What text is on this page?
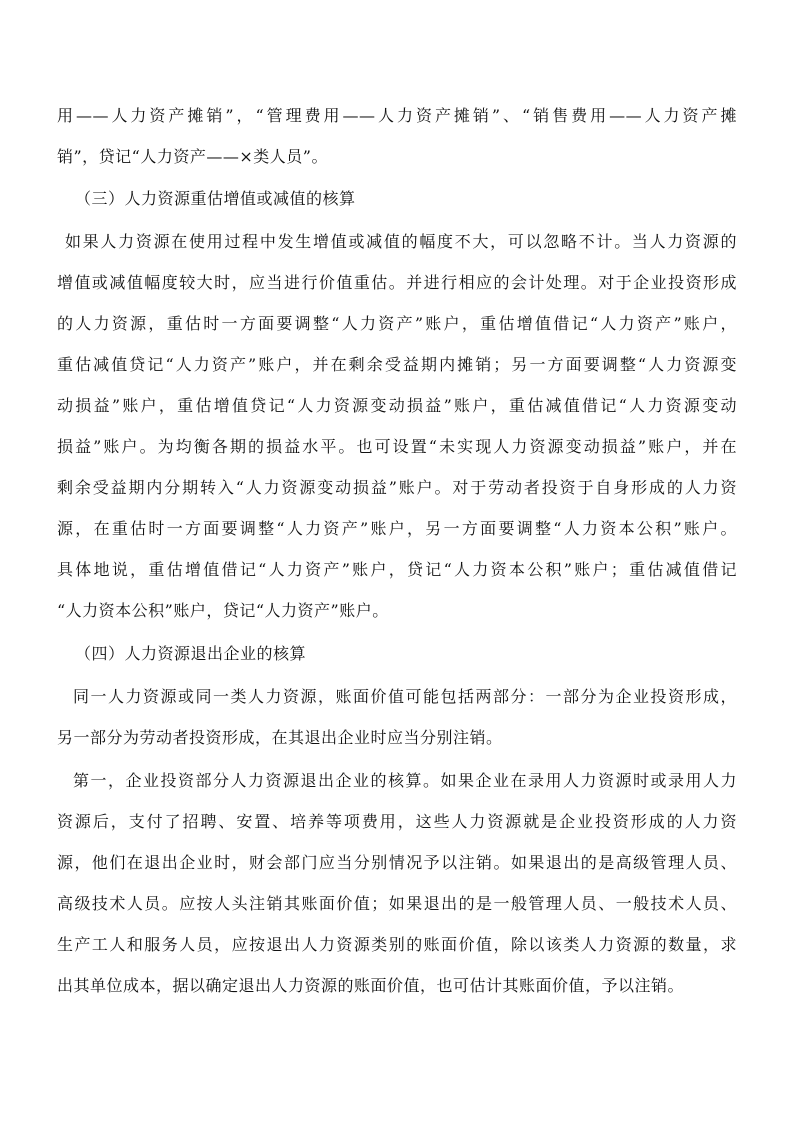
用——人力资产摊销”，“管理费用——人力资产摊销”、“销售费用——人力资产摊
销”，贷记“人力资产——×类人员”。
（三）人力资源重估增值或减值的核算
如果人力资源在使用过程中发生增值或减值的幅度不大，可以忽略不计。当人力资源的
增值或减值幅度较大时，应当进行价值重估。并进行相应的会计处理。对于企业投资形成
的人力资源，重估时一方面要调整“人力资产”账户，重估增值借记“人力资产”账户，
重估减值贷记“人力资产”账户，并在剩余受益期内摊销；另一方面要调整“人力资源变
动损益”账户，重估增值贷记“人力资源变动损益”账户，重估减值借记“人力资源变动
损益”账户。为均衡各期的损益水平。也可设置“未实现人力资源变动损益”账户，并在
剩余受益期内分期转入“人力资源变动损益”账户。对于劳动者投资于自身形成的人力资
源，在重估时一方面要调整“人力资产”账户，另一方面要调整“人力资本公积”账户。
具体地说，重估增值借记“人力资产”账户，贷记“人力资本公积”账户；重估减值借记
“人力资本公积”账户，贷记“人力资产”账户。
（四）人力资源退出企业的核算
同一人力资源或同一类人力资源，账面价值可能包括两部分：一部分为企业投资形成，
另一部分为劳动者投资形成，在其退出企业时应当分别注销。
第一，企业投资部分人力资源退出企业的核算。如果企业在录用人力资源时或录用人力
资源后，支付了招聘、安置、培养等项费用，这些人力资源就是企业投资形成的人力资
源，他们在退出企业时，财会部门应当分别情况予以注销。如果退出的是高级管理人员、
高级技术人员。应按人头注销其账面价值；如果退出的是一般管理人员、一般技术人员、
生产工人和服务人员，应按退出人力资源类别的账面价值，除以该类人力资源的数量，求
出其单位成本，据以确定退出人力资源的账面价值，也可估计其账面价值，予以注销。
